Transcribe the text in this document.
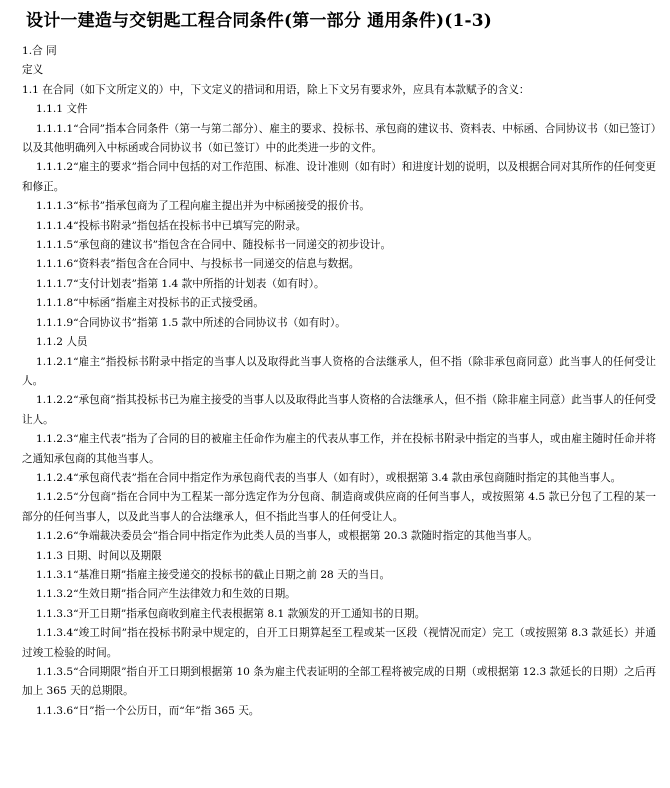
设计一建造与交钥匙工程合同条件(第一部分 通用条件)(1-3)

1.合 同

定义

1.1 在合同（如下文所定义的）中，下文定义的措词和用语，除上下文另有要求外，应具有本款赋予的含义：

1.1.1 文件

1.1.1.1“合同”指本合同条件（第一与第二部分）、雇主的要求、投标书、承包商的建议书、资料表、中标函、合同协议书（如已签订）以及其他明确列入中标函或合同协议书（如已签订）中的此类进一步的文件。

1.1.1.2“雇主的要求”指合同中包括的对工作范围、标准、设计准则（如有时）和进度计划的说明，以及根据合同对其所作的任何变更和修正。

1.1.1.3“标书”指承包商为了工程向雇主提出并为中标函接受的报价书。

1.1.1.4“投标书附录”指包括在投标书中已填写完的附录。

1.1.1.5“承包商的建议书”指包含在合同中、随投标书一同递交的初步设计。

1.1.1.6“资料表”指包含在合同中、与投标书一同递交的信息与数据。

1.1.1.7“支付计划表”指第 1.4 款中所指的计划表（如有时）。

1.1.1.8“中标函”指雇主对投标书的正式接受函。

1.1.1.9“合同协议书”指第 1.5 款中所述的合同协议书（如有时）。

1.1.2 人员

1.1.2.1“雇主”指投标书附录中指定的当事人以及取得此当事人资格的合法继承人，但不指（除非承包商同意）此当事人的任何受让人。

1.1.2.2“承包商”指其投标书已为雇主接受的当事人以及取得此当事人资格的合法继承人，但不指（除非雇主同意）此当事人的任何受让人。

1.1.2.3“雇主代表”指为了合同的目的被雇主任命作为雇主的代表从事工作，并在投标书附录中指定的当事人，或由雇主随时任命并将之通知承包商的其他当事人。

1.1.2.4“承包商代表”指在合同中指定作为承包商代表的当事人（如有时），或根据第 3.4 款由承包商随时指定的其他当事人。

1.1.2.5“分包商”指在合同中为工程某一部分选定作为分包商、制造商或供应商的任何当事人，或按照第 4.5 款已分包了工程的某一部分的任何当事人，以及此当事人的合法继承人，但不指此当事人的任何受让人。

1.1.2.6“争端裁决委员会”指合同中指定作为此类人员的当事人，或根据第 20.3 款随时指定的其他当事人。

1.1.3 日期、时间以及期限

1.1.3.1“基准日期”指雇主接受递交的投标书的截止日期之前 28 天的当日。

1.1.3.2“生效日期”指合同产生法律效力和生效的日期。

1.1.3.3“开工日期”指承包商收到雇主代表根据第 8.1 款颁发的开工通知书的日期。

1.1.3.4“竣工时间”指在投标书附录中规定的，自开工日期算起至工程或某一区段（视情况而定）完工（或按照第 8.3 款延长）并通过竣工检验的时间。

1.1.3.5“合同期限”指自开工日期到根据第 10 条为雇主代表证明的全部工程将被完成的日期（或根据第 12.3 款延长的日期）之后再加上 365 天的总期限。

1.1.3.6“日”指一个公历日，而“年”指 365 天。
